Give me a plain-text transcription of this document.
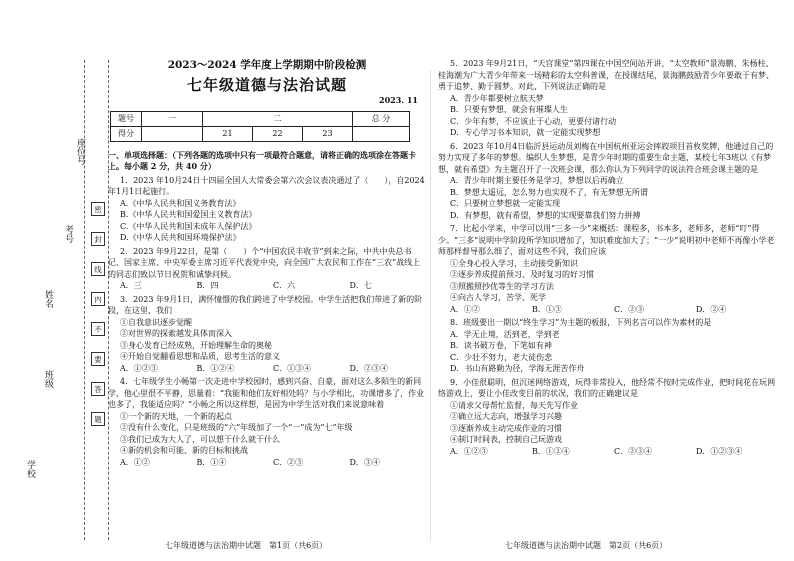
学校
班级
姓名
考号
座位号
密
封
线
内
不
要
答
题

2023～2024 学年度上学期期中阶段检测

七年级道德与法治试题

2023. 11
题号	一	二			总 分
得分		21	22	23	
一、单项选择题：（下列各题的选项中只有一项最符合题意，请将正确的选项涂在答题卡上。每小题 2 分，共 40 分）
1．2023 年10月24日十四届全国人大常委会第六次会议表决通过了（　　），自2024年1月1日起施行。
A.《中华人民共和国义务教育法》
B.《中华人民共和国爱国主义教育法》
C.《中华人民共和国未成年人保护法》
D.《中华人民共和国环境保护法》
2．2023 年9月22日，是第（　　）个“中国农民丰收节”到来之际，中共中央总书记、国家主席、中央军委主席习近平代表党中央，向全国广大农民和工作在“三农”战线上的同志们致以节日祝贺和诚挚问候。
A．三	B．四	C．六	D．七
3．2023 年9月1日，满怀憧憬的我们跨进了中学校园。中学生活把我们带进了新的阶段，在这里，我们
①自我意识逐步觉醒
②对世界的探索越发具体而深入
③身心发育已经成熟，开始理解生命的奥秘
④开始自觉翻看思想和品质，思考生活的意义
A．①②③	B．①②④	C．①③④	D．②③④
4．七年级学生小畅第一次走进中学校园时，感到兴奋、自豪，面对这么多陌生的新同学，他心里很不平静，思量着：“我能和他们友好相处吗？与小学相比，功课增多了，作业也多了，我能适应吗？”小畅之所以这样想，是因为中学生活对我们来说意味着
①一个新的天地，一个新的起点
②没有什么变化，只是班级的“六”年级加了一个“一”成为“七”年级
③我们已成为大人了，可以想干什么就干什么
④新的机会和可能、新的目标和挑战
A．①②	B．①④	C．②③	D．③④
5．2023 年9月21日，“天宫课堂”第四课在中国空间站开讲，“太空教师”景海鹏、朱杨柱、桂海潮为广大青少年带来一场精彩的太空科普课，在授课结尾，景海鹏鼓励青少年要敢于有梦、勇于追梦、勤于圆梦。对此，下列说法正确的是
A．青少年都要树立航天梦
B．只要有梦想，就会有璀璨人生
C．少年有梦，不应该止于心动，更要付诸行动
D．专心学习书本知识，就一定能实现梦想
6．2023 年10月4日临沂县运动员刘梅在中国杭州亚运会摔跤项目首枚奖牌，他通过自己的努力实现了多年的梦想。编织人生梦想，是青少年时期的重要生命主题，某校七年3班以《有梦想，就有希望》为主题召开了一次班会课，那么你认为下列同学的说法符合班会课主题的是
A．青少年时期主要任务是学习，梦想以后再确立
B．梦想太遥远，怎么努力也实现不了，有无梦想无所谓
C．只要树立梦想就一定能实现
D．有梦想，就有希望，梦想的实现要靠我们努力拼搏
7．比起小学来，中学可以用“三多一少”来概括：课程多，书本多，老师多，老师“叮”得少。“三多”说明中学阶段所学知识增加了，知识难度加大了；“一少”说明初中老师不再像小学老师那样督导那么细了，面对这些不同，我们应该
①全身心投入学习，主动接受新知识
②逐步养成提前预习、及时复习的好习惯
③照搬照抄优等生的学习方法
④向古人学习，苦学、死学
A．①②	B．①③	C．②③	D．②④
8．班级要出一期以“终生学习”为主题的板报，下列名言可以作为素材的是
A．学无止境，活到老，学到老
B．读书破万卷，下笔如有神
C．少壮不努力，老大徒伤悲
D．书山有路勤为径，学海无涯苦作舟
9．小佳很聪明，但沉迷网络游戏，玩得非常投入，他经常不按时完成作业，把时间花在玩网络游戏上，要让小佳改变目前的状况，我们的正确建议是
①请求父母帮忙监督，每天先写作业
②确立远大志向，增强学习兴趣
③逐渐养成主动完成作业的习惯
④制订时间表，控制自己玩游戏
A．①②③	B．①②④	C．②③④	D．①②③④
七年级道德与法治期中试题　第1页（共6页）	七年级道德与法治期中试题　第2页（共6页）
